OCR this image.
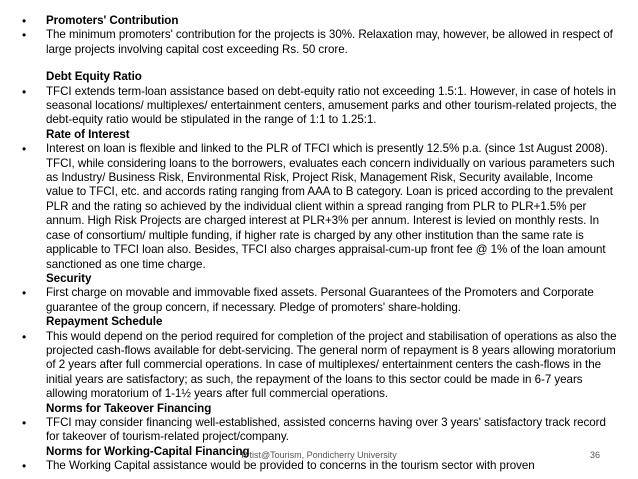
•	Promoters' Contribution
•	The minimum promoters' contribution for the projects is 30%. Relaxation may, however, be allowed in respect of large projects involving capital cost exceeding Rs. 50 crore.
Debt Equity Ratio
•	TFCI extends term-loan assistance based on debt-equity ratio not exceeding 1.5:1. However, in case of hotels in seasonal locations/ multiplexes/ entertainment centers, amusement parks and other tourism-related projects, the debt-equity ratio would be stipulated in the range of 1:1 to 1.25:1.
Rate of Interest
•	Interest on loan is flexible and linked to the PLR of TFCI which is presently 12.5% p.a. (since 1st August 2008). TFCI, while considering loans to the borrowers, evaluates each concern individually on various parameters such as Industry/ Business Risk, Environmental Risk, Project Risk, Management Risk, Security available, Income value to TFCI, etc. and accords rating ranging from AAA to B category. Loan is priced according to the prevalent PLR and the rating so achieved by the individual client within a spread ranging from PLR to PLR+1.5% per annum. High Risk Projects are charged interest at PLR+3% per annum. Interest is levied on monthly rests. In case of consortium/ multiple funding, if higher rate is charged by any other institution than the same rate is applicable to TFCI loan also. Besides, TFCI also charges appraisal-cum-up front fee @ 1% of the loan amount sanctioned as one time charge.
Security
•	First charge on movable and immovable fixed assets. Personal Guarantees of the Promoters and Corporate guarantee of the group concern, if necessary. Pledge of promoters' share-holding.
Repayment Schedule
•	This would depend on the period required for completion of the project and stabilisation of operations as also the projected cash-flows available for debt-servicing. The general norm of repayment is 8 years allowing moratorium of 2 years after full commercial operations. In case of multiplexes/ entertainment centers the cash-flows in the initial years are satisfactory; as such, the repayment of the loans to this sector could be made in 6-7 years allowing moratorium of 1-1½ years after full commercial operations.
Norms for Takeover Financing
•	TFCI may consider financing well-established, assisted concerns having over 3 years' satisfactory track record for takeover of tourism-related project/company.
Norms for Working-Capital Financing
•	The Working Capital assistance would be provided to concerns in the tourism sector with proven
R'tist@Tourism, Pondicherry University	36
